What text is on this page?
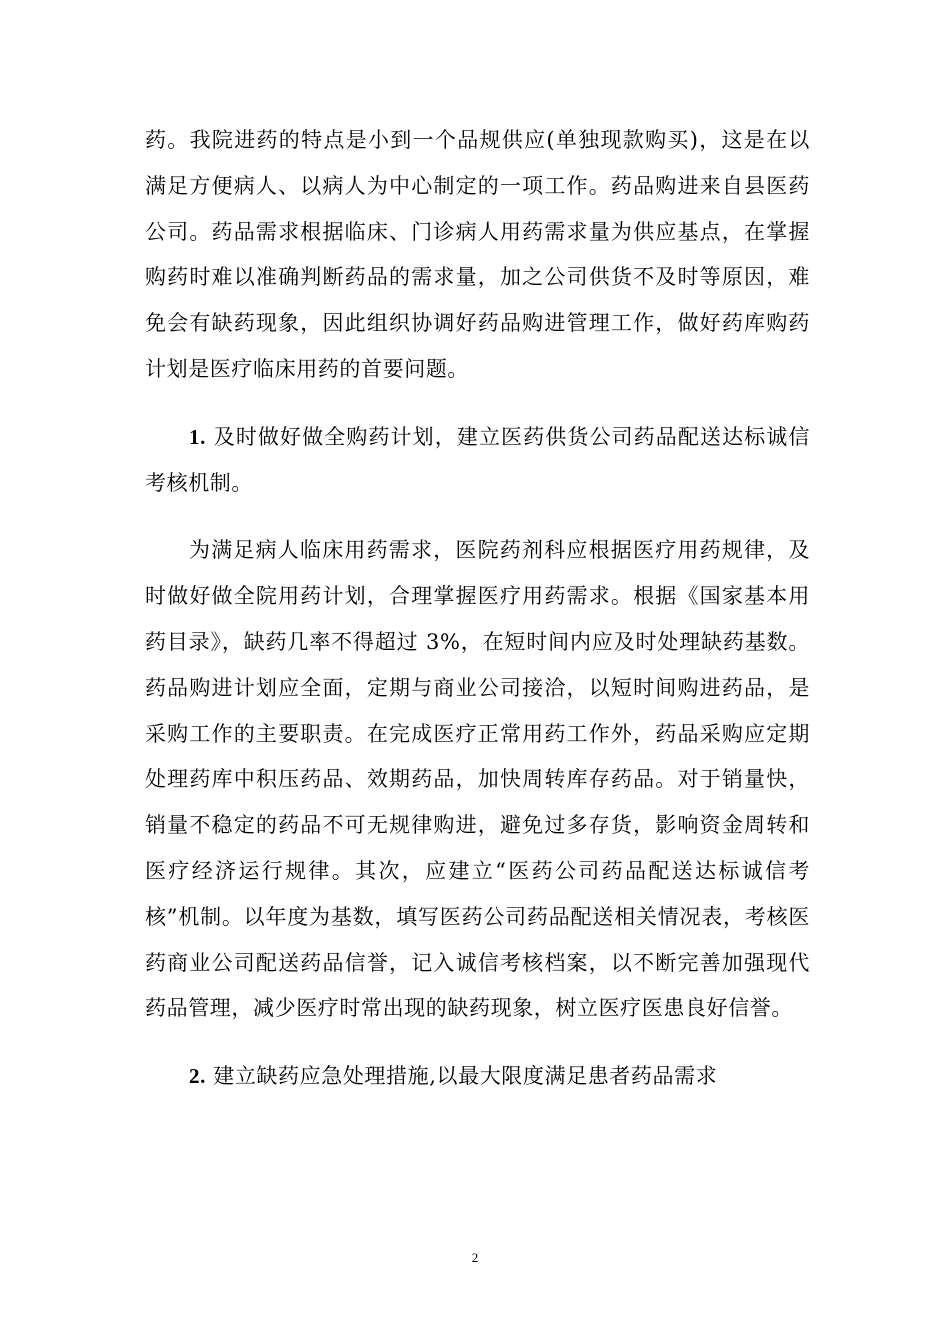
药。我院进药的特点是小到一个品规供应(单独现款购买)，这是在以满足方便病人、以病人为中心制定的一项工作。药品购进来自县医药公司。药品需求根据临床、门诊病人用药需求量为供应基点，在掌握购药时难以准确判断药品的需求量，加之公司供货不及时等原因，难免会有缺药现象，因此组织协调好药品购进管理工作，做好药库购药计划是医疗临床用药的首要问题。

1. 及时做好做全购药计划，建立医药供货公司药品配送达标诚信考核机制。

为满足病人临床用药需求，医院药剂科应根据医疗用药规律，及时做好做全院用药计划，合理掌握医疗用药需求。根据《国家基本用药目录》，缺药几率不得超过 3%，在短时间内应及时处理缺药基数。药品购进计划应全面，定期与商业公司接洽，以短时间购进药品，是采购工作的主要职责。在完成医疗正常用药工作外，药品采购应定期处理药库中积压药品、效期药品，加快周转库存药品。对于销量快，销量不稳定的药品不可无规律购进，避免过多存货，影响资金周转和医疗经济运行规律。其次，应建立“医药公司药品配送达标诚信考核”机制。以年度为基数，填写医药公司药品配送相关情况表，考核医药商业公司配送药品信誉，记入诚信考核档案，以不断完善加强现代药品管理，减少医疗时常出现的缺药现象，树立医疗医患良好信誉。

2. 建立缺药应急处理措施,以最大限度满足患者药品需求

2
